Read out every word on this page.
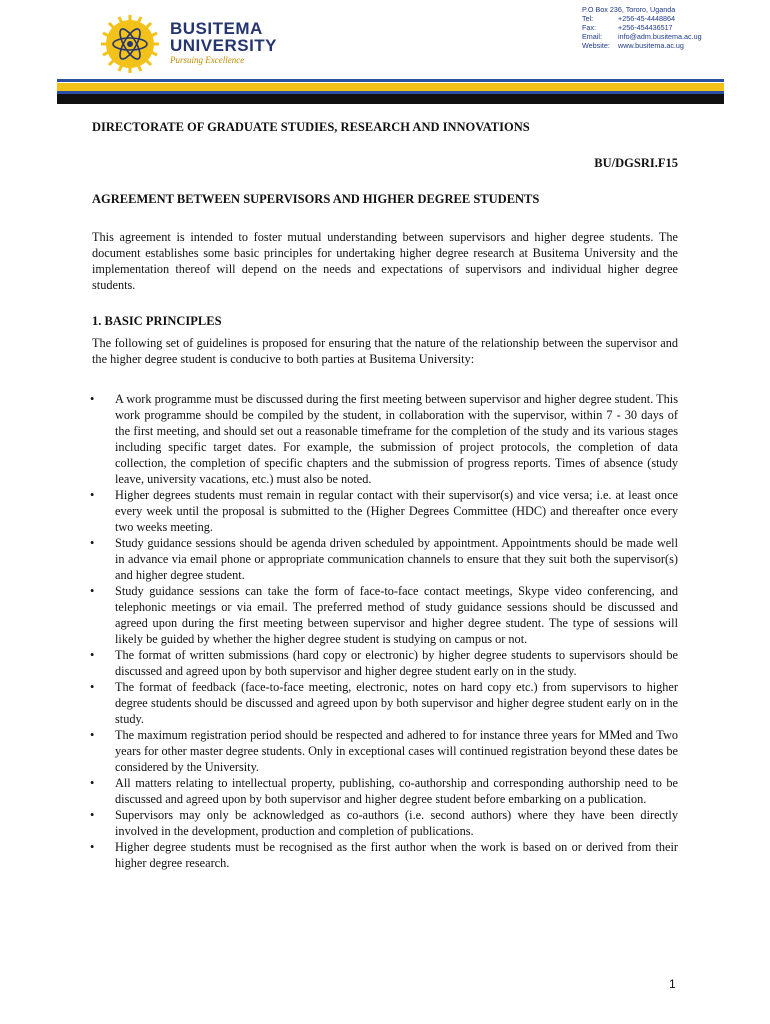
BUSITEMA
UNIVERSITY
Pursuing Excellence
P.O Box 236, Tororo, Uganda
Tel:	+256-45-4448864
Fax:	+256-454436517
Email: info@adm.busitema.ac.ug
Website: www.busitema.ac.ug
DIRECTORATE OF GRADUATE STUDIES, RESEARCH AND INNOVATIONS
BU/DGSRI.F15
AGREEMENT BETWEEN SUPERVISORS AND HIGHER DEGREE STUDENTS

This agreement is intended to foster mutual understanding between supervisors and higher degree students. The document establishes some basic principles for undertaking higher degree research at Busitema University and the implementation thereof will depend on the needs and expectations of supervisors and individual higher degree students.

1. BASIC PRINCIPLES

The following set of guidelines is proposed for ensuring that the nature of the relationship between the supervisor and the higher degree student is conducive to both parties at Busitema University:

• A work programme must be discussed during the first meeting between supervisor and higher degree student. This work programme should be compiled by the student, in collaboration with the supervisor, within 7 - 30 days of the first meeting, and should set out a reasonable timeframe for the completion of the study and its various stages including specific target dates. For example, the submission of project protocols, the completion of data collection, the completion of specific chapters and the submission of progress reports. Times of absence (study leave, university vacations, etc.) must also be noted.
• Higher degrees students must remain in regular contact with their supervisor(s) and vice versa; i.e. at least once every week until the proposal is submitted to the (Higher Degrees Committee (HDC) and thereafter once every two weeks meeting.
• Study guidance sessions should be agenda driven scheduled by appointment. Appointments should be made well in advance via email phone or appropriate communication channels to ensure that they suit both the supervisor(s) and higher degree student.
• Study guidance sessions can take the form of face-to-face contact meetings, Skype video conferencing, and telephonic meetings or via email. The preferred method of study guidance sessions should be discussed and agreed upon during the first meeting between supervisor and higher degree student. The type of sessions will likely be guided by whether the higher degree student is studying on campus or not.
• The format of written submissions (hard copy or electronic) by higher degree students to supervisors should be discussed and agreed upon by both supervisor and higher degree student early on in the study.
• The format of feedback (face-to-face meeting, electronic, notes on hard copy etc.) from supervisors to higher degree students should be discussed and agreed upon by both supervisor and higher degree student early on in the study.
• The maximum registration period should be respected and adhered to for instance three years for MMed and Two years for other master degree students. Only in exceptional cases will continued registration beyond these dates be considered by the University.
• All matters relating to intellectual property, publishing, co-authorship and corresponding authorship need to be discussed and agreed upon by both supervisor and higher degree student before embarking on a publication.
• Supervisors may only be acknowledged as co-authors (i.e. second authors) where they have been directly involved in the development, production and completion of publications.
• Higher degree students must be recognised as the first author when the work is based on or derived from their higher degree research.
1
